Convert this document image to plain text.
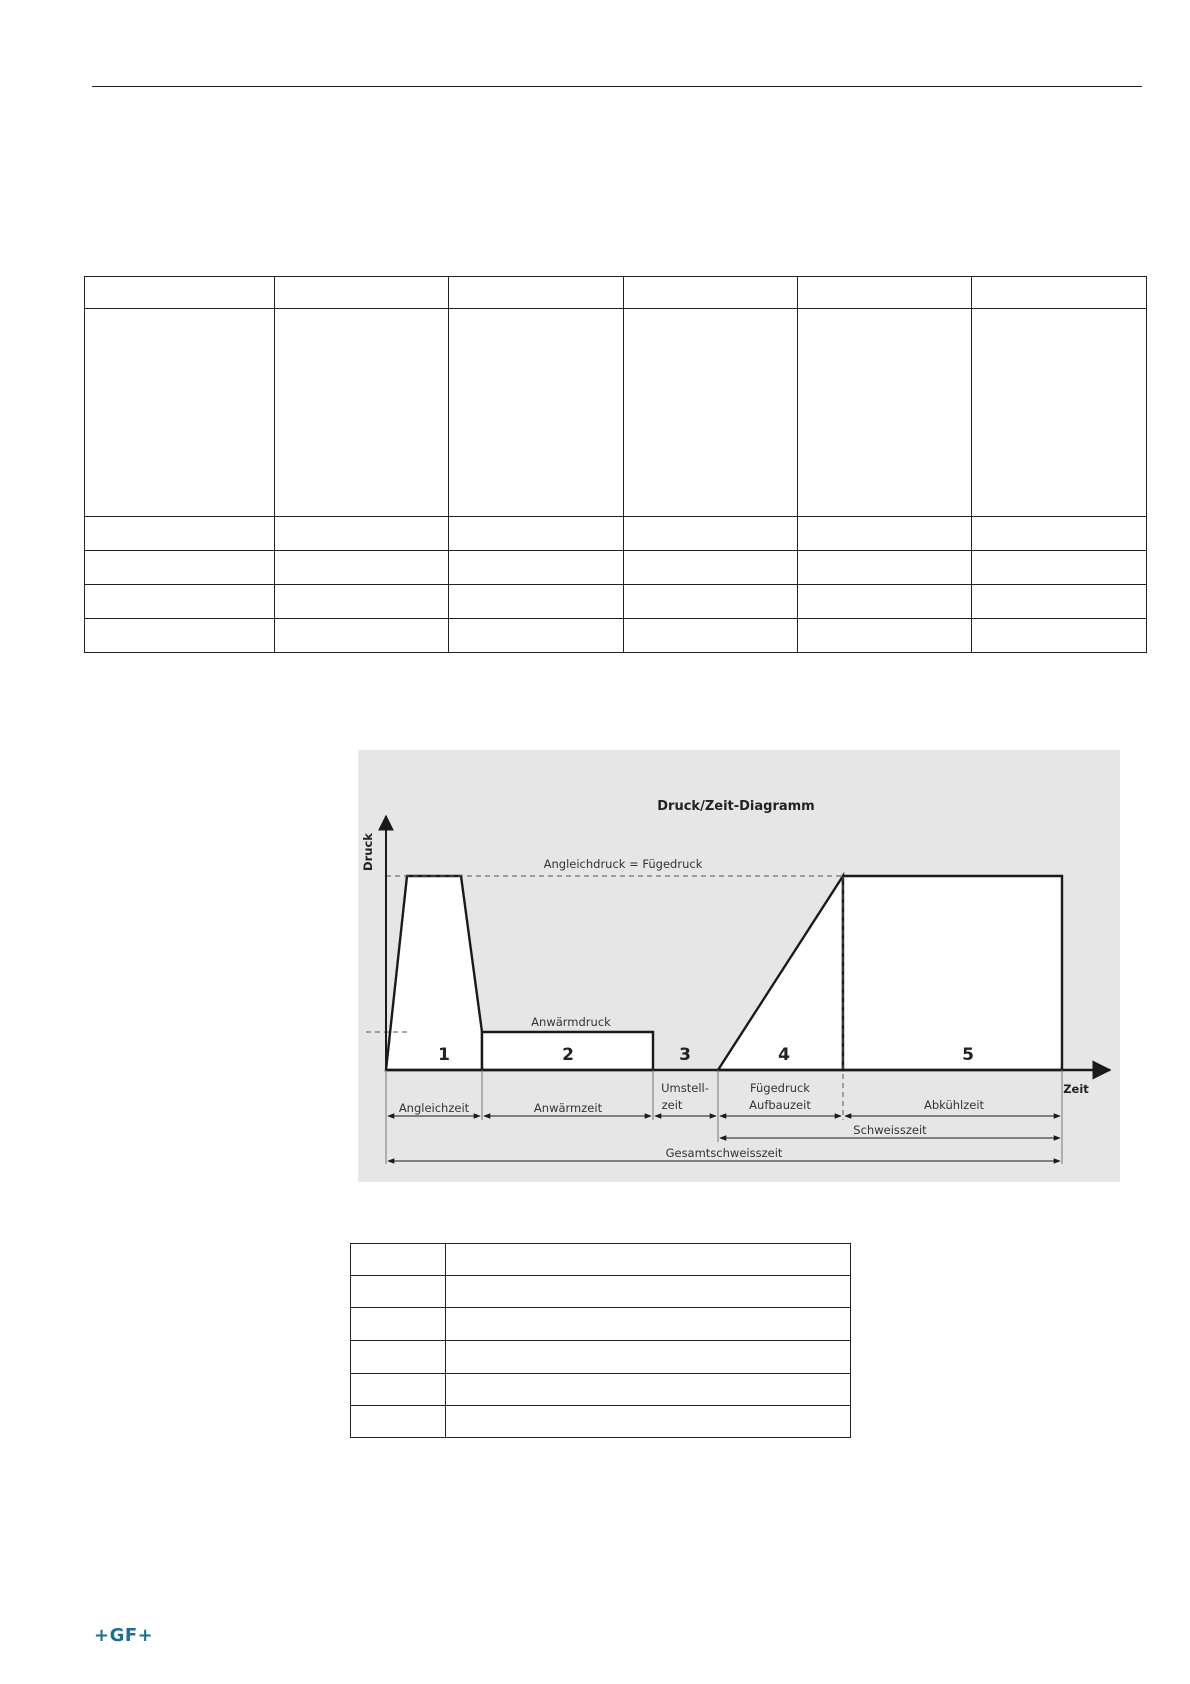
Druck/Zeit-Diagramm
Druck
Zeit
Angleichdruck = Fügedruck
Anwärmdruck
1	2	3	4	5
Angleichzeit	Anwärmzeit
Umstell-
zeit
Fügedruck
Aufbauzeit	Abkühlzeit
Schweisszeit
Gesamtschweisszeit

+GF+
